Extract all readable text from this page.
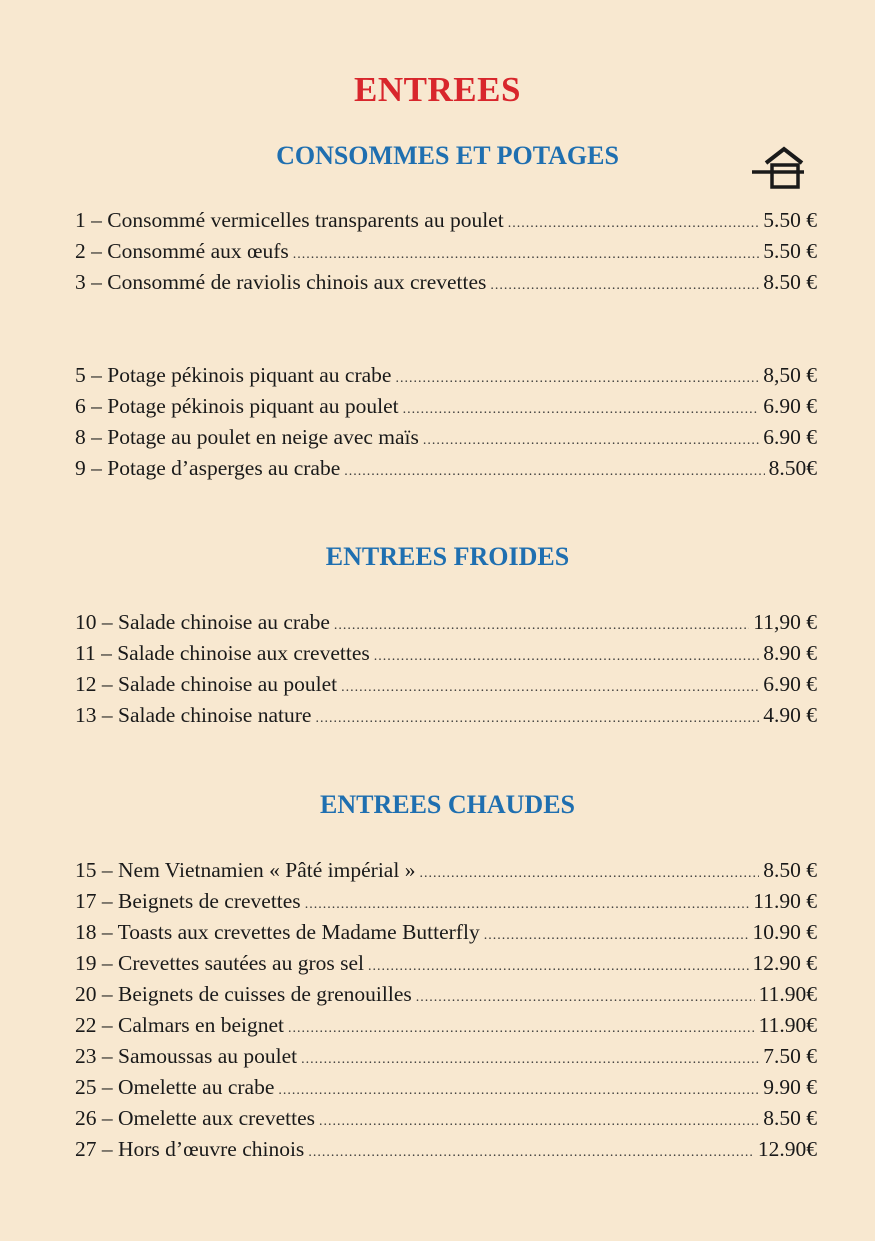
ENTREES
CONSOMMES ET POTAGES
1 – Consommé vermicelles transparents au poulet .....	5.50 €
2 – Consommé aux œufs .....	5.50 €
3 – Consommé de raviolis chinois aux crevettes .....	8.50 €
5 – Potage pékinois piquant au crabe .....	8,50 €
6 – Potage pékinois piquant au poulet .....	6.90 €
8 – Potage au poulet en neige avec maïs .....	6.90 €
9 – Potage d’asperges au crabe .....	8.50€
ENTREES FROIDES
10 – Salade chinoise au crabe .....	11,90 €
11 – Salade chinoise aux crevettes .....	8.90 €
12 – Salade chinoise au poulet .....	6.90 €
13 – Salade chinoise nature .....	4.90 €
ENTREES CHAUDES
15 – Nem Vietnamien « Pâté impérial » .....	8.50 €
17 – Beignets de crevettes .....	11.90 €
18 – Toasts aux crevettes de Madame Butterfly .....	10.90 €
19 – Crevettes sautées au gros sel .....	12.90 €
20 – Beignets de cuisses de grenouilles .....	11.90€
22 – Calmars en beignet .....	11.90€
23 – Samoussas au poulet .....	7.50 €
25 – Omelette au crabe .....	9.90 €
26 – Omelette aux crevettes .....	8.50 €
27 – Hors d’œuvre chinois .....	12.90€
